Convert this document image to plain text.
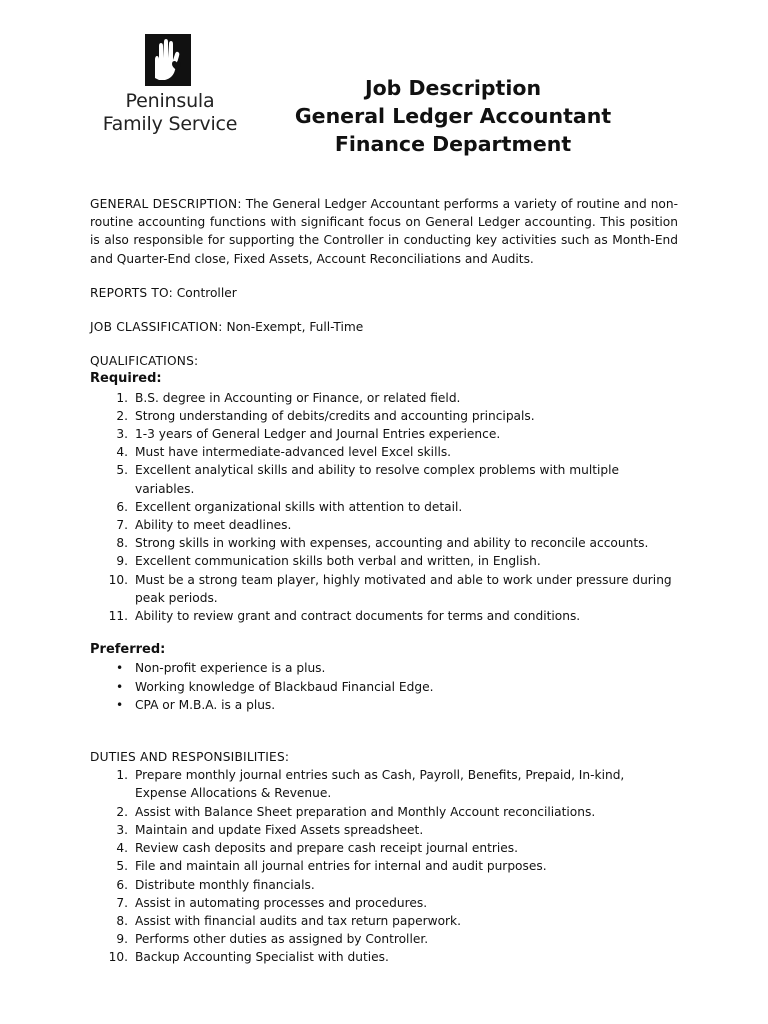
Peninsula
Family Service
Job Description
General Ledger Accountant
Finance Department

GENERAL DESCRIPTION: The General Ledger Accountant performs a variety of routine and non-routine accounting functions with significant focus on General Ledger accounting. This position is also responsible for supporting the Controller in conducting key activities such as Month-End and Quarter-End close, Fixed Assets, Account Reconciliations and Audits.

REPORTS TO: Controller

JOB CLASSIFICATION: Non-Exempt, Full-Time

QUALIFICATIONS:

Required:

1. B.S. degree in Accounting or Finance, or related field.
2. Strong understanding of debits/credits and accounting principals.
3. 1-3 years of General Ledger and Journal Entries experience.
4. Must have intermediate-advanced level Excel skills.
5. Excellent analytical skills and ability to resolve complex problems with multiple variables.
6. Excellent organizational skills with attention to detail.
7. Ability to meet deadlines.
8. Strong skills in working with expenses, accounting and ability to reconcile accounts.
9. Excellent communication skills both verbal and written, in English.
10. Must be a strong team player, highly motivated and able to work under pressure during peak periods.
11. Ability to review grant and contract documents for terms and conditions.

Preferred:

• Non-profit experience is a plus.
• Working knowledge of Blackbaud Financial Edge.
• CPA or M.B.A. is a plus.

DUTIES AND RESPONSIBILITIES:

1. Prepare monthly journal entries such as Cash, Payroll, Benefits, Prepaid, In-kind, Expense Allocations & Revenue.
2. Assist with Balance Sheet preparation and Monthly Account reconciliations.
3. Maintain and update Fixed Assets spreadsheet.
4. Review cash deposits and prepare cash receipt journal entries.
5. File and maintain all journal entries for internal and audit purposes.
6. Distribute monthly financials.
7. Assist in automating processes and procedures.
8. Assist with financial audits and tax return paperwork.
9. Performs other duties as assigned by Controller.
10. Backup Accounting Specialist with duties.
